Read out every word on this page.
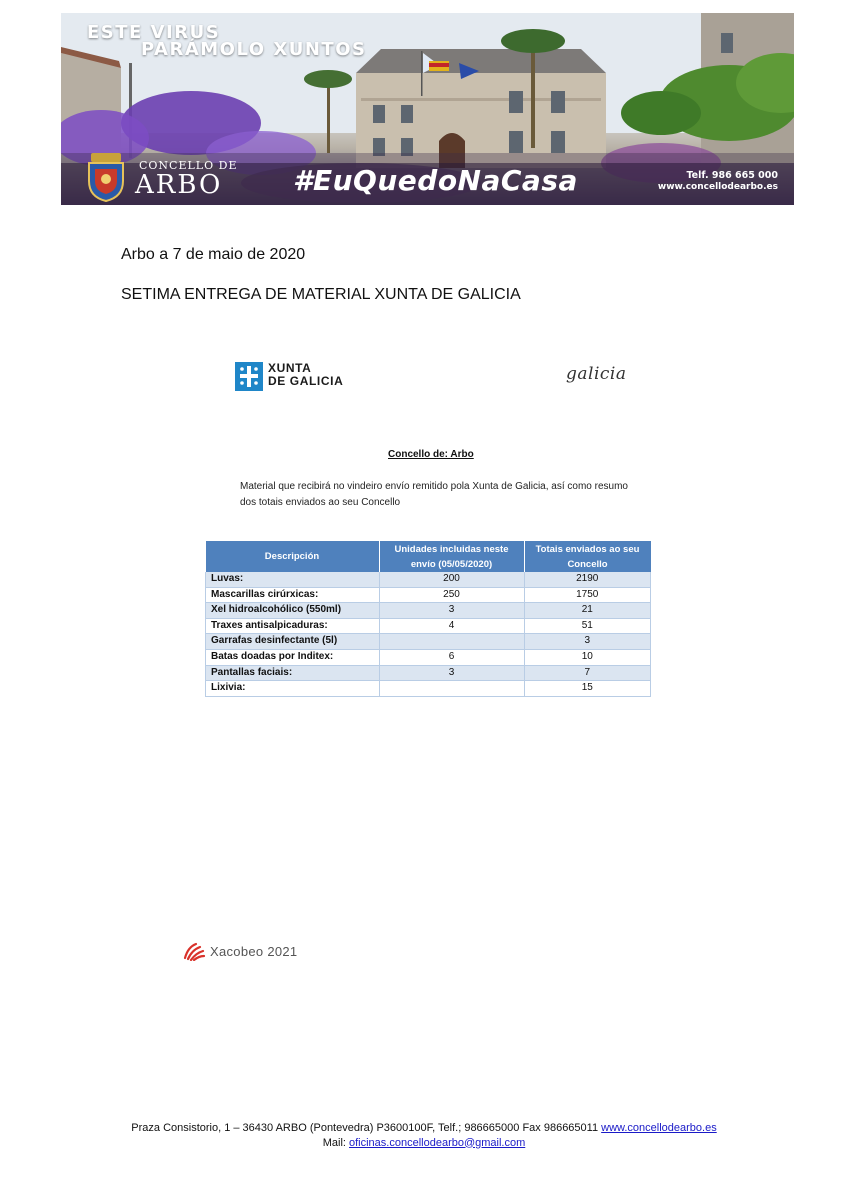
ESTE VIRUS
PARÁMOLO XUNTOS
CONCELLO DE
ARBO	#EuQuedoNaCasa	Telf. 986 665 000
www.concellodearbo.es
Arbo a 7 de maio de 2020
SETIMA ENTREGA DE MATERIAL XUNTA DE GALICIA
XUNTA
DE GALICIA	galicia
Concello de: Arbo
Material que recibirá no vindeiro envío remitido pola Xunta de Galicia, así como resumo dos totais enviados ao seu Concello
Descripción	Unidades incluidas neste envío (05/05/2020)	Totais enviados ao seu Concello
Luvas:	200	2190
Mascarillas cirúrxicas:	250	1750
Xel hidroalcohólico (550ml)	3	21
Traxes antisalpicaduras:	4	51
Garrafas desinfectante (5l)		3
Batas doadas por Inditex:	6	10
Pantallas faciais:	3	7
Lixivia:		15
Xacobeo 2021
Praza Consistorio, 1 – 36430 ARBO (Pontevedra) P3600100F, Telf.; 986665000 Fax 986665011 www.concellodearbo.es
Mail: oficinas.concellodearbo@gmail.com
